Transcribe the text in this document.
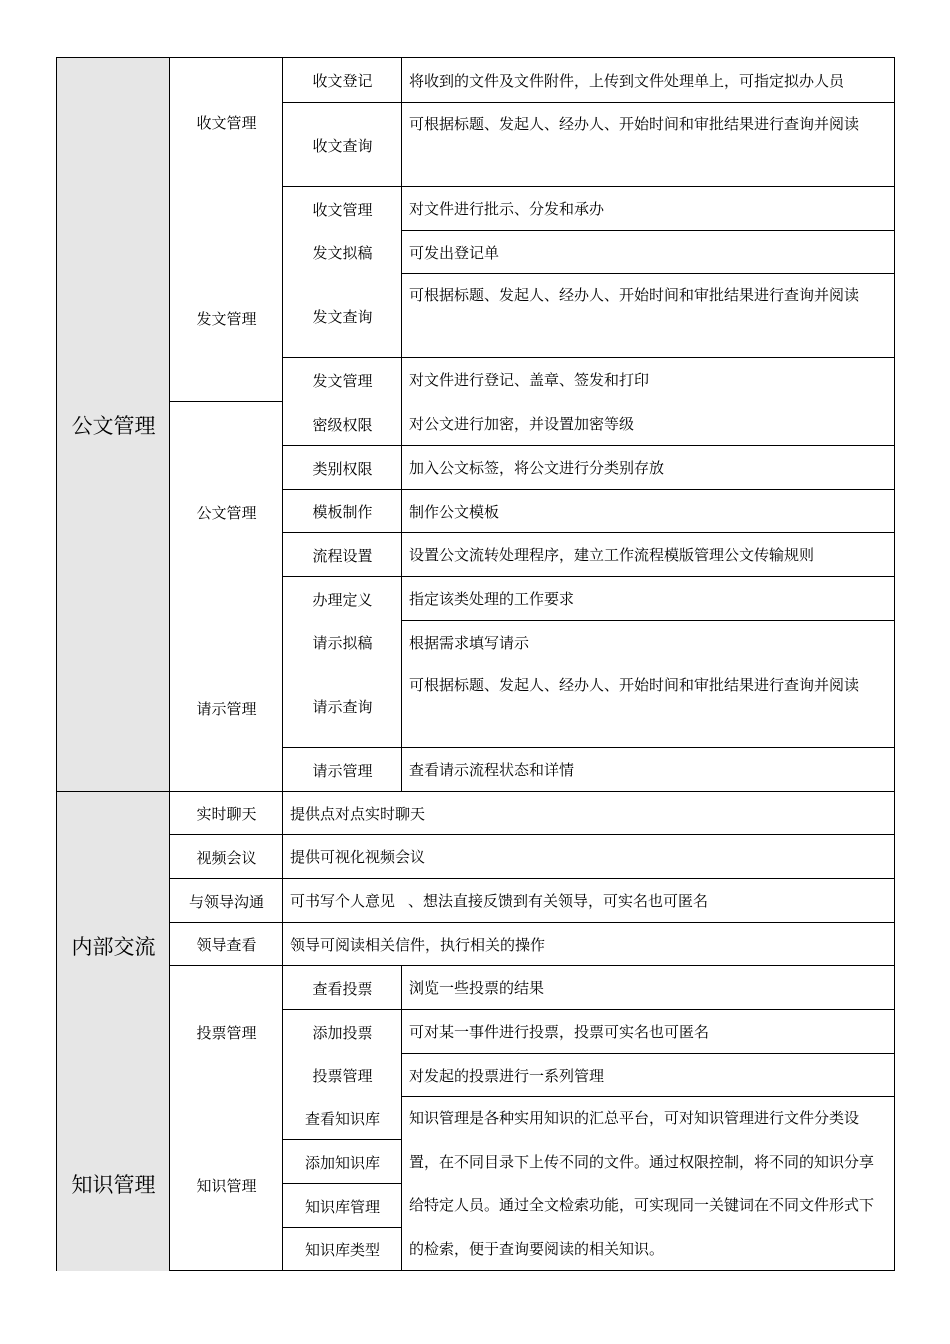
公文管理
内部交流
知识管理
收文管理
发文管理
公文管理
请示管理
实时聊天
视频会议
与领导沟通
领导查看
投票管理
知识管理
收文登记
收文查询
收文管理
发文拟稿
发文查询
发文管理
密级权限
类别权限
模板制作
流程设置
办理定义
请示拟稿
请示查询
请示管理
查看投票
添加投票
投票管理
查看知识库
添加知识库
知识库管理
知识库类型
将收到的文件及文件附件，上传到文件处理单上，可指定拟办人员
可根据标题、发起人、经办人、开始时间和审批结果进行查询并阅读
对文件进行批示、分发和承办
可发出登记单
可根据标题、发起人、经办人、开始时间和审批结果进行查询并阅读
对文件进行登记、盖章、签发和打印
对公文进行加密，并设置加密等级
加入公文标签，将公文进行分类别存放
制作公文模板
设置公文流转处理程序，建立工作流程模版管理公文传输规则
指定该类处理的工作要求
根据需求填写请示
可根据标题、发起人、经办人、开始时间和审批结果进行查询并阅读
查看请示流程状态和详情
提供点对点实时聊天
提供可视化视频会议
可书写个人意见 、想法直接反馈到有关领导，可实名也可匿名
领导可阅读相关信件，执行相关的操作
浏览一些投票的结果
可对某一事件进行投票，投票可实名也可匿名
对发起的投票进行一系列管理
知识管理是各种实用知识的汇总平台，可对知识管理进行文件分类设置，在不同目录下上传不同的文件。通过权限控制，将不同的知识分享给特定人员。通过全文检索功能，可实现同一关键词在不同文件形式下的检索，便于查询要阅读的相关知识。
